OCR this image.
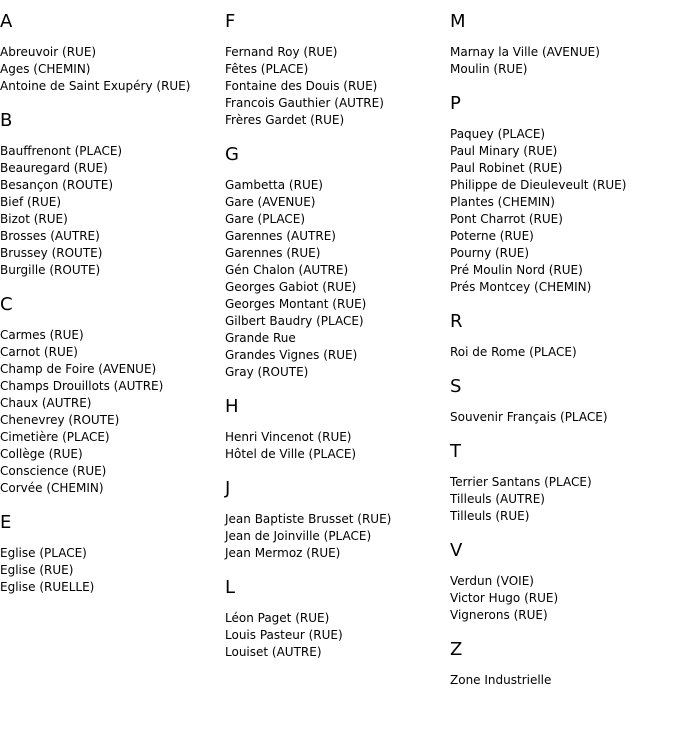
A
Abreuvoir (RUE)
Ages (CHEMIN)
Antoine de Saint Exupéry (RUE)
B
Bauffrenont (PLACE)
Beauregard (RUE)
Besançon (ROUTE)
Bief (RUE)
Bizot (RUE)
Brosses (AUTRE)
Brussey (ROUTE)
Burgille (ROUTE)
C
Carmes (RUE)
Carnot (RUE)
Champ de Foire (AVENUE)
Champs Drouillots (AUTRE)
Chaux (AUTRE)
Chenevrey (ROUTE)
Cimetière (PLACE)
Collège (RUE)
Conscience (RUE)
Corvée (CHEMIN)
E
Eglise (PLACE)
Eglise (RUE)
Eglise (RUELLE)
F
Fernand Roy (RUE)
Fêtes (PLACE)
Fontaine des Douis (RUE)
Francois Gauthier (AUTRE)
Frères Gardet (RUE)
G
Gambetta (RUE)
Gare (AVENUE)
Gare (PLACE)
Garennes (AUTRE)
Garennes (RUE)
Gén Chalon (AUTRE)
Georges Gabiot (RUE)
Georges Montant (RUE)
Gilbert Baudry (PLACE)
Grande Rue
Grandes Vignes (RUE)
Gray (ROUTE)
H
Henri Vincenot (RUE)
Hôtel de Ville (PLACE)
J
Jean Baptiste Brusset (RUE)
Jean de Joinville (PLACE)
Jean Mermoz (RUE)
L
Léon Paget (RUE)
Louis Pasteur (RUE)
Louiset (AUTRE)
M
Marnay la Ville (AVENUE)
Moulin (RUE)
P
Paquey (PLACE)
Paul Minary (RUE)
Paul Robinet (RUE)
Philippe de Dieuleveult (RUE)
Plantes (CHEMIN)
Pont Charrot (RUE)
Poterne (RUE)
Pourny (RUE)
Pré Moulin Nord (RUE)
Prés Montcey (CHEMIN)
R
Roi de Rome (PLACE)
S
Souvenir Français (PLACE)
T
Terrier Santans (PLACE)
Tilleuls (AUTRE)
Tilleuls (RUE)
V
Verdun (VOIE)
Victor Hugo (RUE)
Vignerons (RUE)
Z
Zone Industrielle
